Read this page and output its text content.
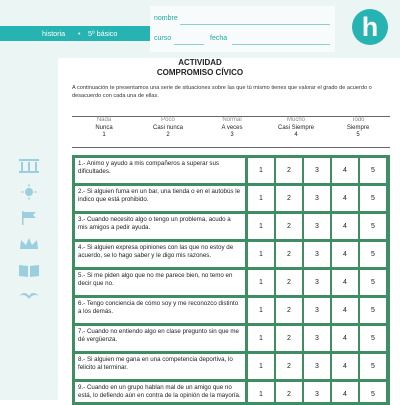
nombre
curso	fecha
historia • 5º básico	h
ACTIVIDAD
COMPROMISO CÍVICO
A continuación te presentamos una serie de situaciones sobre las que tú mismo tienes que valorar el grado de acuerdo o desacuerdo con cada una de ellas.
Nada
Nunca
1
Poco
Casi nunca
2
Normal
A veces
3
Mucho
Casi Siempre
4
Todo
Siempre
5
1.- Animo y ayudo a mis compañeros a superar sus dificultades.	1	2	3	4	5
2.- Si alguien fuma en un bar, una tienda o en el autobús le indico que está prohibido.	1	2	3	4	5
3.- Cuando necesito algo o tengo un problema, acudo a mis amigos a pedir ayuda.	1	2	3	4	5
4.- Si alguien expresa opiniones con las que no estoy de acuerdo, se lo hago saber y le digo mis razones.	1	2	3	4	5
5.- Si me piden algo que no me parece bien, no temo en decir que no.	1	2	3	4	5
6.- Tengo conciencia de cómo soy y me reconozco distinto a los demás.	1	2	3	4	5
7.- Cuando no entiendo algo en clase pregunto sin que me dé vergüenza.	1	2	3	4	5
8.- Si alguien me gana en una competencia deportiva, lo felicito al terminar.	1	2	3	4	5
9.- Cuando en un grupo hablan mal de un amigo que no está, lo defiendo aún en contra de la opinión de la mayoría.	1	2	3	4	5
